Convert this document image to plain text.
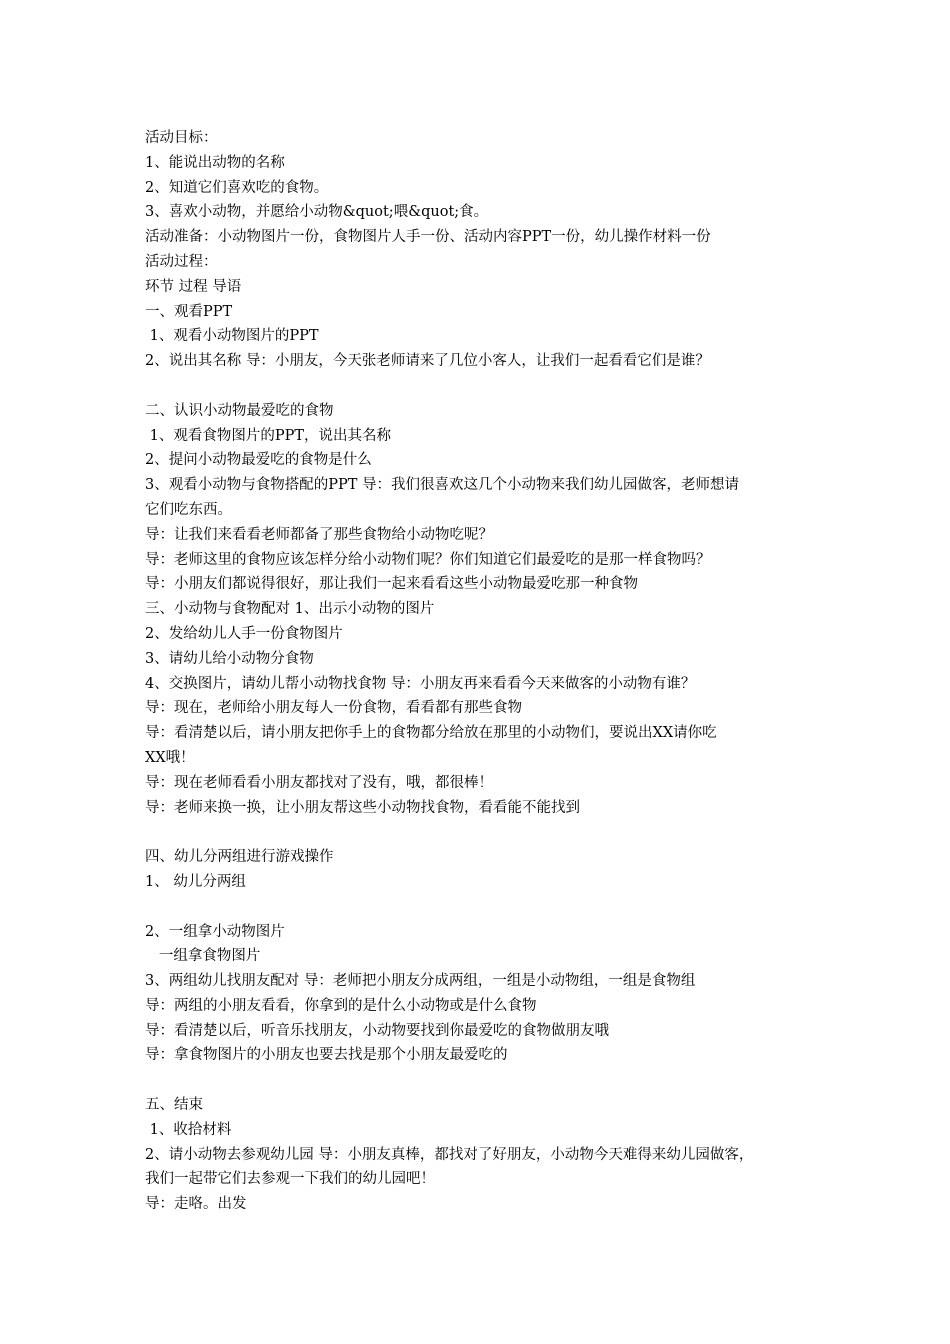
活动目标：
1、能说出动物的名称
2、知道它们喜欢吃的食物。
3、喜欢小动物，并愿给小动物&quot;喂&quot;食。
活动准备：小动物图片一份，食物图片人手一份、活动内容PPT一份，幼儿操作材料一份
活动过程：
环节 过程 导语
一、观看PPT
1、观看小动物图片的PPT
2、说出其名称 导：小朋友，今天张老师请来了几位小客人，让我们一起看看它们是谁？
二、认识小动物最爱吃的食物
1、观看食物图片的PPT，说出其名称
2、提问小动物最爱吃的食物是什么
3、观看小动物与食物搭配的PPT 导：我们很喜欢这几个小动物来我们幼儿园做客，老师想请
它们吃东西。
导：让我们来看看老师都备了那些食物给小动物吃呢？
导：老师这里的食物应该怎样分给小动物们呢？你们知道它们最爱吃的是那一样食物吗？
导：小朋友们都说得很好，那让我们一起来看看这些小动物最爱吃那一种食物
三、小动物与食物配对 1、出示小动物的图片
2、发给幼儿人手一份食物图片
3、请幼儿给小动物分食物
4、交换图片，请幼儿帮小动物找食物 导：小朋友再来看看今天来做客的小动物有谁？
导：现在，老师给小朋友每人一份食物，看看都有那些食物
导：看清楚以后，请小朋友把你手上的食物都分给放在那里的小动物们，要说出XX请你吃
XX哦！
导：现在老师看看小朋友都找对了没有，哦，都很棒！
导：老师来换一换，让小朋友帮这些小动物找食物，看看能不能找到
四、幼儿分两组进行游戏操作
1、 幼儿分两组
2、一组拿小动物图片
一组拿食物图片
3、两组幼儿找朋友配对 导：老师把小朋友分成两组，一组是小动物组，一组是食物组
导：两组的小朋友看看，你拿到的是什么小动物或是什么食物
导：看清楚以后，听音乐找朋友，小动物要找到你最爱吃的食物做朋友哦
导：拿食物图片的小朋友也要去找是那个小朋友最爱吃的
五、结束
1、收拾材料
2、请小动物去参观幼儿园 导：小朋友真棒，都找对了好朋友，小动物今天难得来幼儿园做客，
我们一起带它们去参观一下我们的幼儿园吧！
导：走咯。出发
